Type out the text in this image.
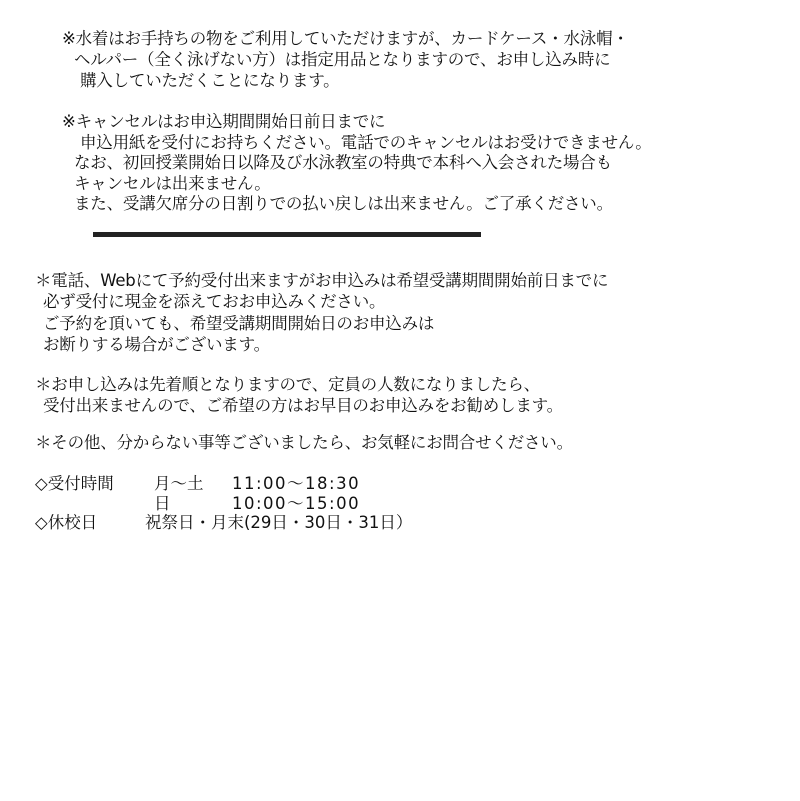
※水着はお手持ちの物をご利用していただけますが、カードケース・水泳帽・
ヘルパー（全く泳げない方）は指定用品となりますので、お申し込み時に
購入していただくことになります。
※キャンセルはお申込期間開始日前日までに
申込用紙を受付にお持ちください。電話でのキャンセルはお受けできません。
なお、初回授業開始日以降及び水泳教室の特典で本科へ入会された場合も
キャンセルは出来ません。
また、受講欠席分の日割りでの払い戻しは出来ません。ご了承ください。
＊電話、Webにて予約受付出来ますがお申込みは希望受講期間開始前日までに
必ず受付に現金を添えておお申込みください。
ご予約を頂いても、希望受講期間開始日のお申込みは
お断りする場合がございます。
＊お申し込みは先着順となりますので、定員の人数になりましたら、
受付出来ませんので、ご希望の方はお早目のお申込みをお勧めします。
＊その他、分からない事等ございましたら、お気軽にお問合せください。
◇受付時間 月～土 11:00～18:30
日	10:00～15:00
◇休校日	祝祭日・月末(29日・30日・31日）
